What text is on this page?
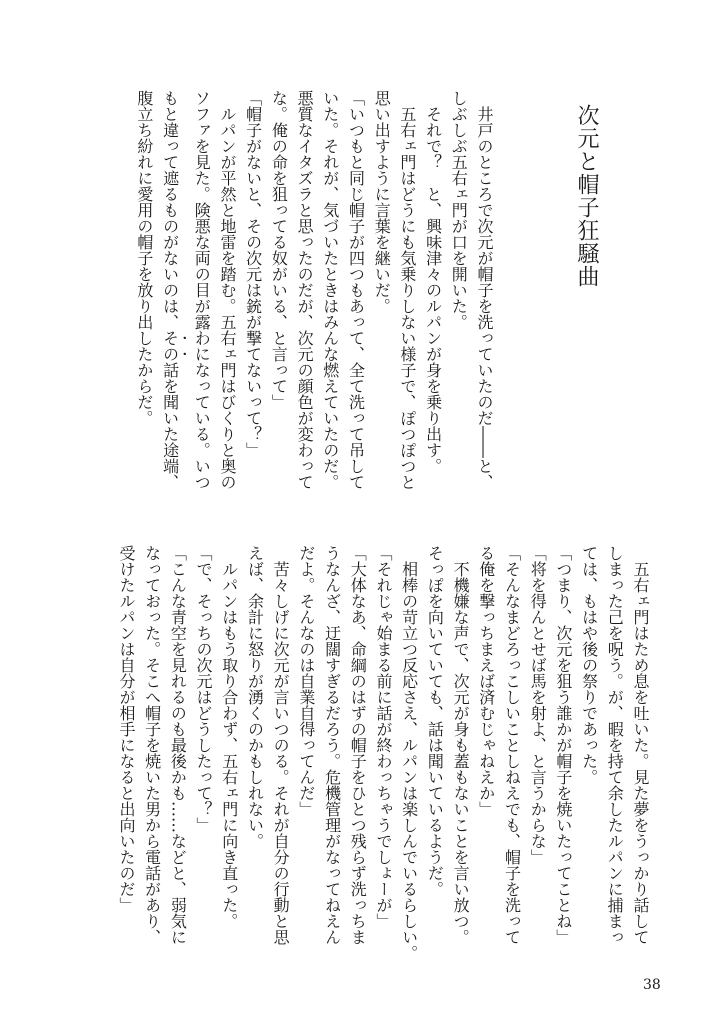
次元と帽子狂騒曲
　井戸のところで次元が帽子を洗っていたのだ――と、
しぶしぶ五右ェ門が口を開いた。
　それで？　と、興味津々のルパンが身を乗り出す。
　五右ェ門はどうにも気乗りしない様子で、ぽつぽつと
思い出すように言葉を継いだ。
「いつもと同じ帽子が四つもあって、全て洗って吊して
いた。それが、気づいたときはみんな燃えていたのだ。
悪質なイタズラと思ったのだが、次元の顔色が変わって
な。俺の命を狙ってる奴がいる、と言って」
「帽子がないと、その次元は銃が撃てないって？」
　ルパンが平然と地雷を踏む。五右ェ門はびくりと奥の
ソファを見た。険悪な両の目が露わになっている。いつ
もと違って遮るものがないのは、その話を聞いた途端、
腹立ち紛れに愛用の帽子を放り出したからだ。
　五右ェ門はため息を吐いた。見た夢をうっかり話して
しまった己を呪う。が、暇を持て余したルパンに捕まっ
ては、もはや後の祭りであった。
「つまり、次元を狙う誰かが帽子を焼いたってことね」
「将を得んとせば馬を射よ、と言うからな」
「そんなまどろっこしいことしねえでも、帽子を洗って
る俺を撃っちまえば済むじゃねえか」
　不機嫌な声で、次元が身も蓋もないことを言い放つ。
そっぽを向いていても、話は聞いているようだ。
　相棒の苛立つ反応さえ、ルパンは楽しんでいるらしい。
「それじゃ始まる前に話が終わっちゃうでしょーが」
「大体なあ、命綱のはずの帽子をひとつ残らず洗っちま
うなんざ、迂闊すぎるだろう。危機管理がなってねえん
だよ。そんなのは自業自得ってんだ」
　苦々しげに次元が言いつのる。それが自分の行動と思
えば、余計に怒りが湧くのかもしれない。
　ルパンはもう取り合わず、五右ェ門に向き直った。
「で、そっちの次元はどうしたって？」
「こんな青空を見れるのも最後かも……などと、弱気に
なっておった。そこへ帽子を焼いた男から電話があり、
受けたルパンは自分が相手になると出向いたのだ」
38
